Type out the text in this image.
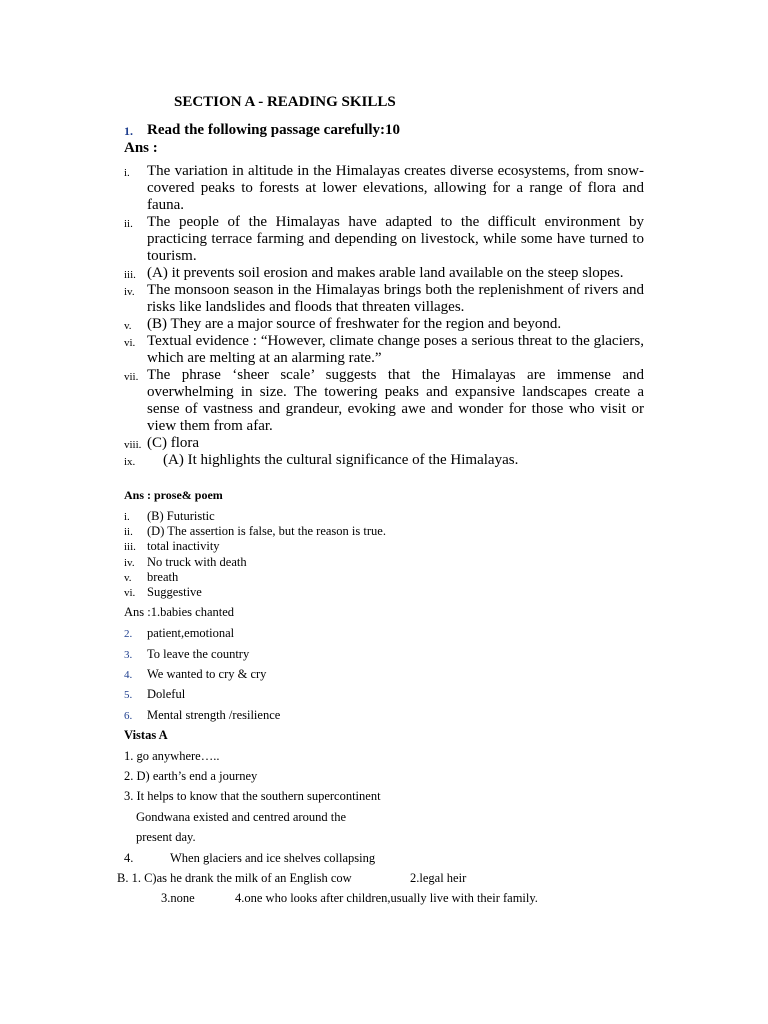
SECTION A - READING SKILLS
1. Read the following passage carefully:10
Ans :
i. The variation in altitude in the Himalayas creates diverse ecosystems, from snow-covered peaks to forests at lower elevations, allowing for a range of flora and fauna.
ii. The people of the Himalayas have adapted to the difficult environment by practicing terrace farming and depending on livestock, while some have turned to tourism.
iii. (A) it prevents soil erosion and makes arable land available on the steep slopes.
iv. The monsoon season in the Himalayas brings both the replenishment of rivers and risks like landslides and floods that threaten villages.
v. (B) They are a major source of freshwater for the region and beyond.
vi. Textual evidence : “However, climate change poses a serious threat to the glaciers, which are melting at an alarming rate.”
vii. The phrase ‘sheer scale’ suggests that the Himalayas are immense and overwhelming in size. The towering peaks and expansive landscapes create a sense of vastness and grandeur, evoking awe and wonder for those who visit or view them from afar.
viii. (C) flora
ix. (A) It highlights the cultural significance of the Himalayas.
Ans : prose& poem
i. (B) Futuristic
ii. (D) The assertion is false, but the reason is true.
iii. total inactivity
iv. No truck with death
v. breath
vi. Suggestive
Ans :1.babies chanted
2. patient,emotional
3. To leave the country
4. We wanted to cry & cry
5. Doleful
6. Mental strength /resilience
Vistas A
1. go anywhere…..
2. D) earth’s end a journey
3. It helps to know that the southern supercontinent
Gondwana existed and centred around the
present day.
4.	When glaciers and ice shelves collapsing
B. 1. C)as he drank the milk of an English cow	2.legal heir
3.none	4.one who looks after children,usually live with their family.
